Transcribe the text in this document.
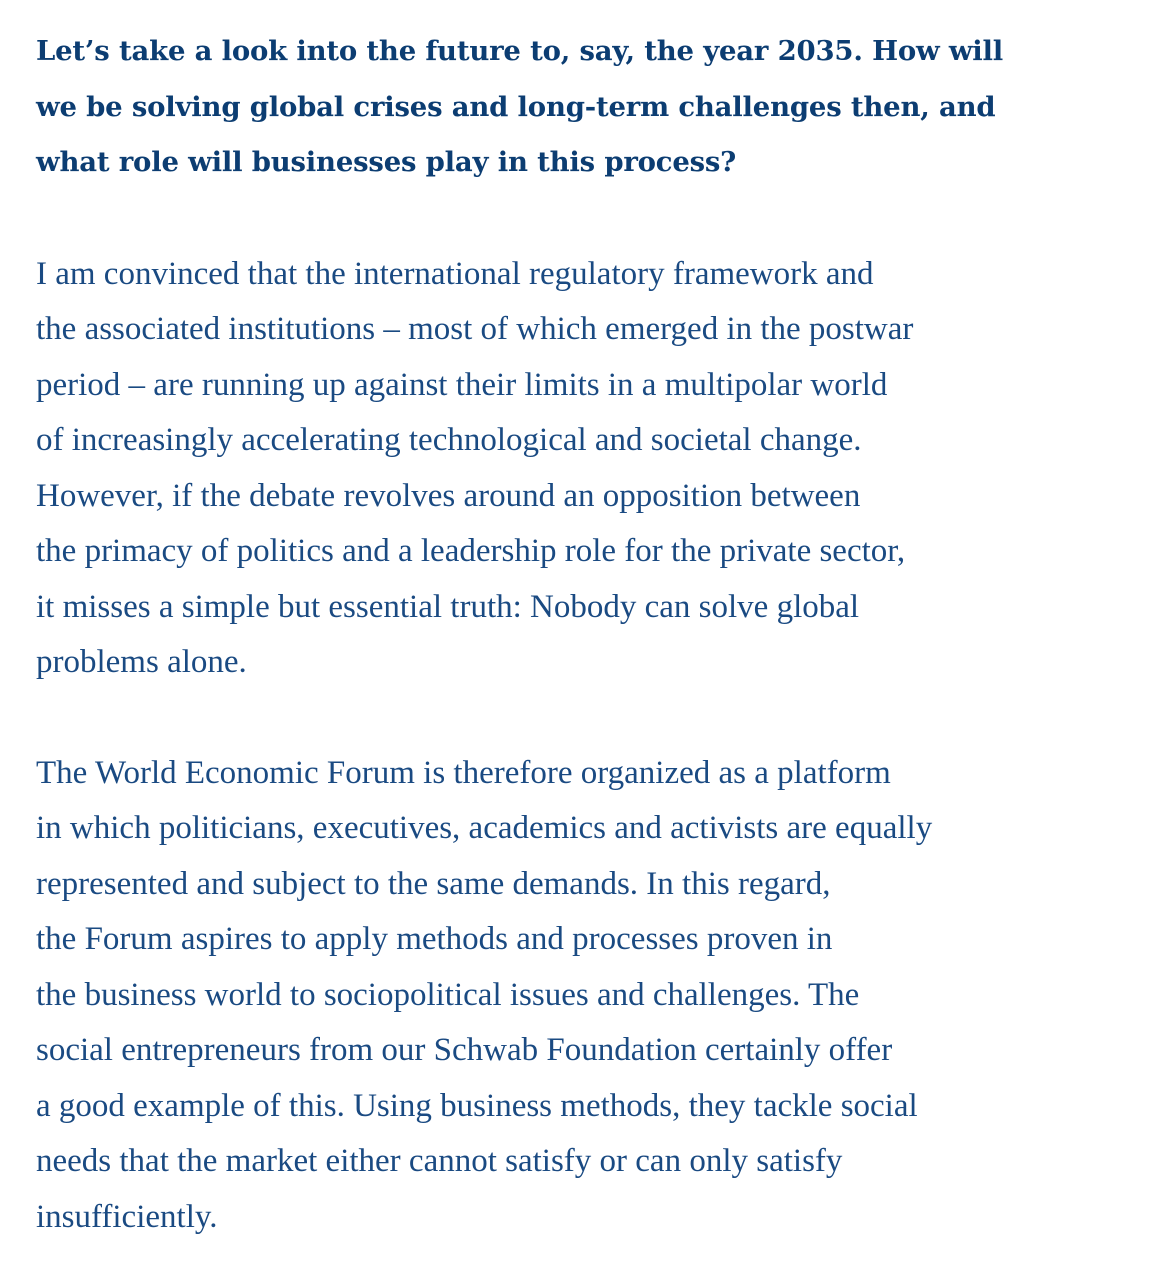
Let’s take a look into the future to, say, the year 2035. How will
we be solving global crises and long-term challenges then, and
what role will businesses play in this process?

I am convinced that the international regulatory framework and
the associated institutions – most of which emerged in the postwar
period – are running up against their limits in a multipolar world
of increasingly accelerating technological and societal change.
However, if the debate revolves around an opposition between
the primacy of politics and a leadership role for the private sector,
it misses a simple but essential truth: Nobody can solve global
problems alone.

The World Economic Forum is therefore organized as a platform
in which politicians, executives, academics and activists are equally
represented and subject to the same demands. In this regard,
the Forum aspires to apply methods and processes proven in
the business world to sociopolitical issues and challenges. The
social entrepreneurs from our Schwab Foundation certainly offer
a good example of this. Using business methods, they tackle social
needs that the market either cannot satisfy or can only satisfy
insufficiently.
